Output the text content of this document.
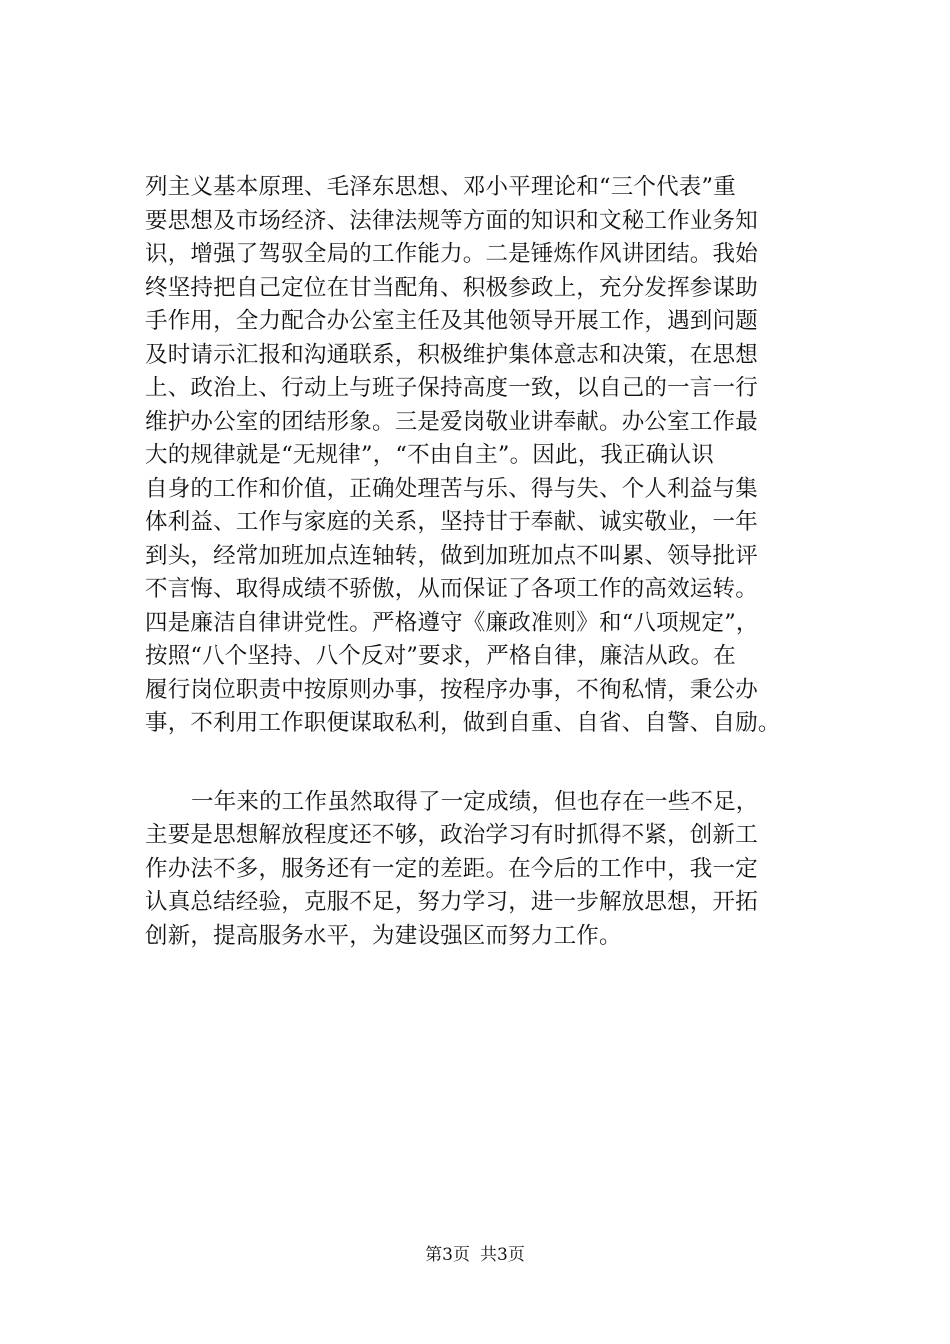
列主义基本原理、毛泽东思想、邓小平理论和“三个代表”重
要思想及市场经济、法律法规等方面的知识和文秘工作业务知
识，增强了驾驭全局的工作能力。二是锤炼作风讲团结。我始
终坚持把自己定位在甘当配角、积极参政上，充分发挥参谋助
手作用，全力配合办公室主任及其他领导开展工作，遇到问题
及时请示汇报和沟通联系，积极维护集体意志和决策，在思想
上、政治上、行动上与班子保持高度一致，以自己的一言一行
维护办公室的团结形象。三是爱岗敬业讲奉献。办公室工作最
大的规律就是“无规律”，“不由自主”。因此，我正确认识
自身的工作和价值，正确处理苦与乐、得与失、个人利益与集
体利益、工作与家庭的关系，坚持甘于奉献、诚实敬业，一年
到头，经常加班加点连轴转，做到加班加点不叫累、领导批评
不言悔、取得成绩不骄傲，从而保证了各项工作的高效运转。
四是廉洁自律讲党性。严格遵守《廉政准则》和“八项规定”，
按照“八个坚持、八个反对”要求，严格自律，廉洁从政。在
履行岗位职责中按原则办事，按程序办事，不徇私情，秉公办
事，不利用工作职便谋取私利，做到自重、自省、自警、自励。
一年来的工作虽然取得了一定成绩，但也存在一些不足，
主要是思想解放程度还不够，政治学习有时抓得不紧，创新工
作办法不多，服务还有一定的差距。在今后的工作中，我一定
认真总结经验，克服不足，努力学习，进一步解放思想，开拓
创新，提高服务水平，为建设强区而努力工作。
第3页 共3页
